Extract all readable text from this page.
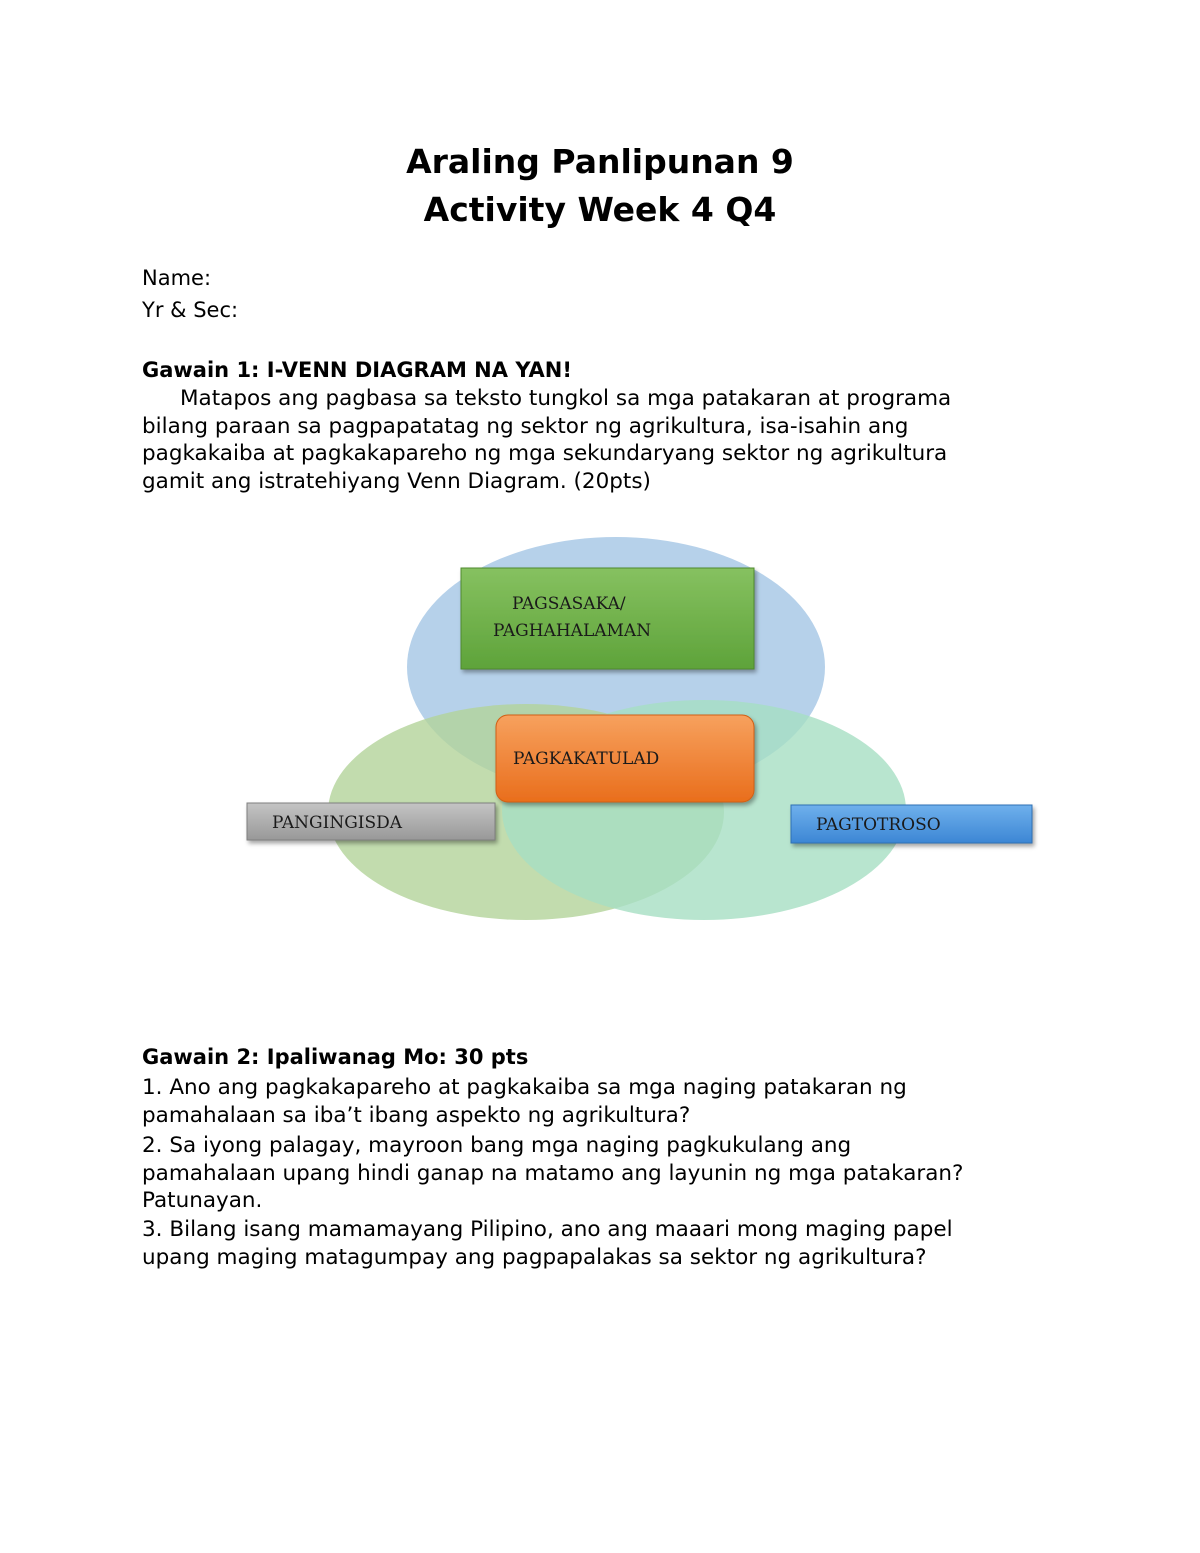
Araling Panlipunan 9
Activity Week 4 Q4
Name:
Yr & Sec:
Gawain 1: I-VENN DIAGRAM NA YAN!
Matapos ang pagbasa sa teksto tungkol sa mga patakaran at programa
bilang paraan sa pagpapatatag ng sektor ng agrikultura, isa-isahin ang
pagkakaiba at pagkakapareho ng mga sekundaryang sektor ng agrikultura
gamit ang istratehiyang Venn Diagram. (20pts)
PAGSASAKA/
PAGHAHALAMAN
PAGKAKATULAD
PANGINGISDA	PAGTOTROSO
Gawain 2: Ipaliwanag Mo: 30 pts
1. Ano ang pagkakapareho at pagkakaiba sa mga naging patakaran ng
pamahalaan sa iba’t ibang aspekto ng agrikultura?
2. Sa iyong palagay, mayroon bang mga naging pagkukulang ang
pamahalaan upang hindi ganap na matamo ang layunin ng mga patakaran?
Patunayan.
3. Bilang isang mamamayang Pilipino, ano ang maaari mong maging papel
upang maging matagumpay ang pagpapalakas sa sektor ng agrikultura?
